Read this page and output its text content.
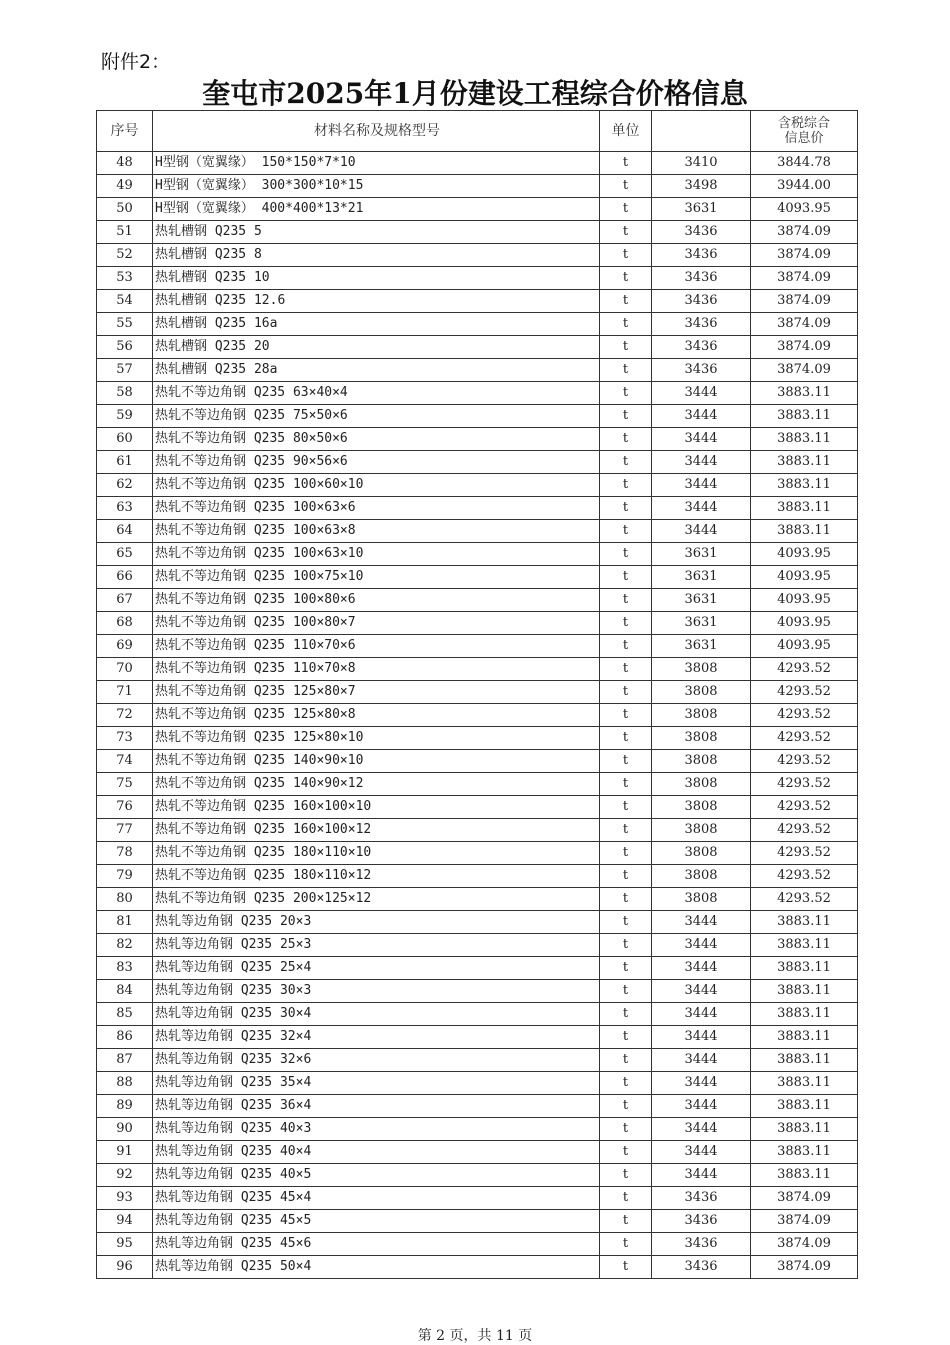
附件2：
奎屯市2025年1月份建设工程综合价格信息
序号	材料名称及规格型号	单位		含税综合
信息价
48	H型钢（宽翼缘） 150*150*7*10	t	3410	3844.78
49	H型钢（宽翼缘） 300*300*10*15	t	3498	3944.00
50	H型钢（宽翼缘） 400*400*13*21	t	3631	4093.95
51	热轧槽钢 Q235 5	t	3436	3874.09
52	热轧槽钢 Q235 8	t	3436	3874.09
53	热轧槽钢 Q235 10	t	3436	3874.09
54	热轧槽钢 Q235 12.6	t	3436	3874.09
55	热轧槽钢 Q235 16a	t	3436	3874.09
56	热轧槽钢 Q235 20	t	3436	3874.09
57	热轧槽钢 Q235 28a	t	3436	3874.09
58	热轧不等边角钢 Q235 63×40×4	t	3444	3883.11
59	热轧不等边角钢 Q235 75×50×6	t	3444	3883.11
60	热轧不等边角钢 Q235 80×50×6	t	3444	3883.11
61	热轧不等边角钢 Q235 90×56×6	t	3444	3883.11
62	热轧不等边角钢 Q235 100×60×10	t	3444	3883.11
63	热轧不等边角钢 Q235 100×63×6	t	3444	3883.11
64	热轧不等边角钢 Q235 100×63×8	t	3444	3883.11
65	热轧不等边角钢 Q235 100×63×10	t	3631	4093.95
66	热轧不等边角钢 Q235 100×75×10	t	3631	4093.95
67	热轧不等边角钢 Q235 100×80×6	t	3631	4093.95
68	热轧不等边角钢 Q235 100×80×7	t	3631	4093.95
69	热轧不等边角钢 Q235 110×70×6	t	3631	4093.95
70	热轧不等边角钢 Q235 110×70×8	t	3808	4293.52
71	热轧不等边角钢 Q235 125×80×7	t	3808	4293.52
72	热轧不等边角钢 Q235 125×80×8	t	3808	4293.52
73	热轧不等边角钢 Q235 125×80×10	t	3808	4293.52
74	热轧不等边角钢 Q235 140×90×10	t	3808	4293.52
75	热轧不等边角钢 Q235 140×90×12	t	3808	4293.52
76	热轧不等边角钢 Q235 160×100×10	t	3808	4293.52
77	热轧不等边角钢 Q235 160×100×12	t	3808	4293.52
78	热轧不等边角钢 Q235 180×110×10	t	3808	4293.52
79	热轧不等边角钢 Q235 180×110×12	t	3808	4293.52
80	热轧不等边角钢 Q235 200×125×12	t	3808	4293.52
81	热轧等边角钢 Q235 20×3	t	3444	3883.11
82	热轧等边角钢 Q235 25×3	t	3444	3883.11
83	热轧等边角钢 Q235 25×4	t	3444	3883.11
84	热轧等边角钢 Q235 30×3	t	3444	3883.11
85	热轧等边角钢 Q235 30×4	t	3444	3883.11
86	热轧等边角钢 Q235 32×4	t	3444	3883.11
87	热轧等边角钢 Q235 32×6	t	3444	3883.11
88	热轧等边角钢 Q235 35×4	t	3444	3883.11
89	热轧等边角钢 Q235 36×4	t	3444	3883.11
90	热轧等边角钢 Q235 40×3	t	3444	3883.11
91	热轧等边角钢 Q235 40×4	t	3444	3883.11
92	热轧等边角钢 Q235 40×5	t	3444	3883.11
93	热轧等边角钢 Q235 45×4	t	3436	3874.09
94	热轧等边角钢 Q235 45×5	t	3436	3874.09
95	热轧等边角钢 Q235 45×6	t	3436	3874.09
96	热轧等边角钢 Q235 50×4	t	3436	3874.09
第 2 页，共 11 页
